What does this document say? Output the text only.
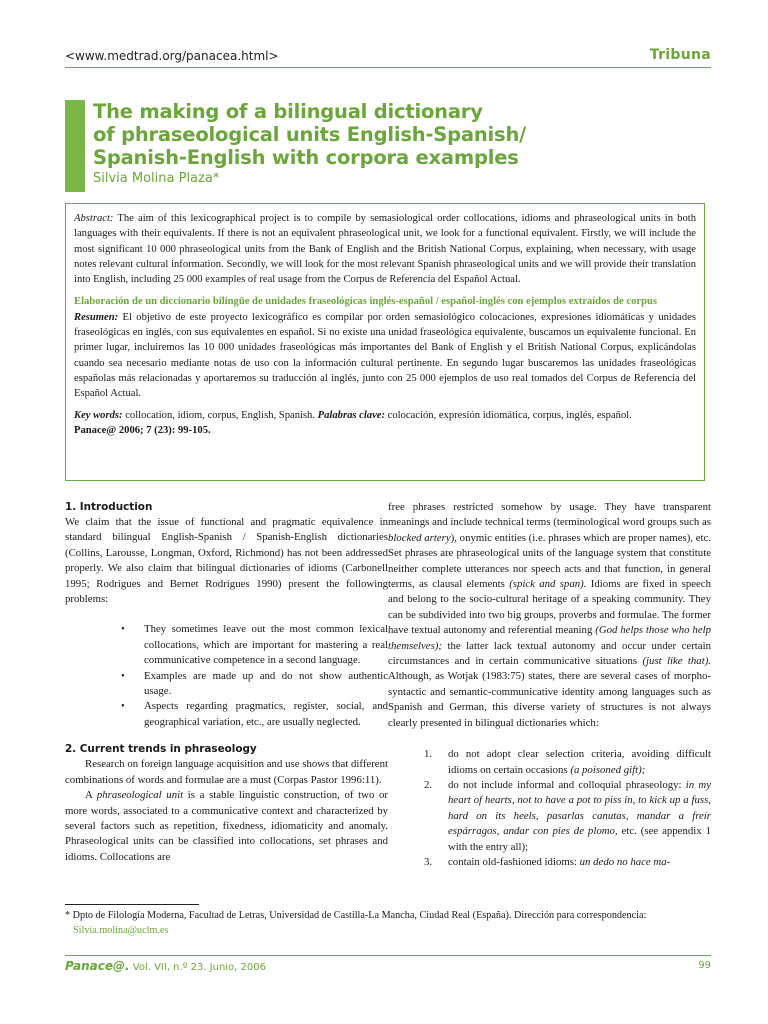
<www.medtrad.org/panacea.html>	Tribuna
The making of a bilingual dictionary
of phraseological units English-Spanish/
Spanish-English with corpora examples
Silvia Molina Plaza*

Abstract: The aim of this lexicographical project is to compile by semasiological order collocations, idioms and phraseological units in both languages with their equivalents. If there is not an equivalent phraseological unit, we look for a functional equivalent. Firstly, we will include the most significant 10 000 phraseological units from the Bank of English and the British National Corpus, explaining, when necessary, with usage notes relevant cultural information. Secondly, we will look for the most relevant Spanish phraseological units and we will provide their translation into English, including 25 000 examples of real usage from the Corpus de Referencia del Español Actual.

Elaboración de un diccionario bilingüe de unidades fraseológicas inglés-español / español-inglés con ejemplos extraídos de corpus

Resumen: El objetivo de este proyecto lexicográfico es compilar por orden semasiológico colocaciones, expresiones idiomáticas y unidades fraseológicas en inglés, con sus equivalentes en español. Si no existe una unidad fraseológica equivalente, buscamos un equivalente funcional. En primer lugar, incluiremos las 10 000 unidades fraseológicas más importantes del Bank of English y el British National Corpus, explicándolas cuando sea necesario mediante notas de uso con la información cultural pertinente. En segundo lugar buscaremos las unidades fraseológicas españolas más relacionadas y aportaremos su traducción al inglés, junto con 25 000 ejemplos de uso real tomados del Corpus de Referencia del Español Actual.

Key words: collocation, idiom, corpus, English, Spanish. Palabras clave: colocación, expresión idiomática, corpus, inglés, español.

Panace@ 2006; 7 (23): 99-105.

1. Introduction

We claim that the issue of functional and pragmatic equivalence in standard bilingual English-Spanish / Spanish-English dictionaries (Collins, Larousse, Longman, Oxford, Richmond) has not been addressed properly. We also claim that bilingual dictionaries of idioms (Carbonell 1995; Rodrigues and Bernet Rodrigues 1990) present the following problems:

• They sometimes leave out the most common lexical collocations, which are important for mastering a real communicative competence in a second language.
• Examples are made up and do not show authentic usage.
• Aspects regarding pragmatics, register, social, and geographical variation, etc., are usually neglected.

2. Current trends in phraseology

Research on foreign language acquisition and use shows that different combinations of words and formulae are a must (Corpas Pastor 1996:11).

A phraseological unit is a stable linguistic construction, of two or more words, associated to a communicative context and characterized by several factors such as repetition, fixedness, idiomaticity and anomaly. Phraseological units can be classified into collocations, set phrases and idioms. Collocations are

free phrases restricted somehow by usage. They have transparent meanings and include technical terms (terminological word groups such as blocked artery), onymic entities (i.e. phrases which are proper names), etc. Set phrases are phraseological units of the language system that constitute neither complete utterances nor speech acts and that function, in general terms, as clausal elements (spick and span). Idioms are fixed in speech and belong to the socio-cultural heritage of a speaking community. They can be subdivided into two big groups, proverbs and formulae. The former have textual autonomy and referential meaning (God helps those who help themselves); the latter lack textual autonomy and occur under certain circumstances and in certain communicative situations (just like that). Although, as Wotjak (1983:75) states, there are several cases of morpho-syntactic and semantic-communicative identity among languages such as Spanish and German, this diverse variety of structures is not always clearly presented in bilingual dictionaries which:

1. do not adopt clear selection criteria, avoiding difficult idioms on certain occasions (a poisoned gift);
2. do not include informal and colloquial phraseology: in my heart of hearts, not to have a pot to piss in, to kick up a fuss, hard on its heels, pasarlas canutas, mandar a freír espárragos, andar con pies de plomo, etc. (see appendix 1 with the entry all);
3. contain old-fashioned idioms: un dedo no hace ma-

* Dpto de Filología Moderna, Facultad de Letras, Universidad de Castilla-La Mancha, Ciudad Real (España). Dirección para correspondencia:

Silvia.molina@uclm.es

Panace@. Vol. VII, n.º 23. Junio, 2006	99
